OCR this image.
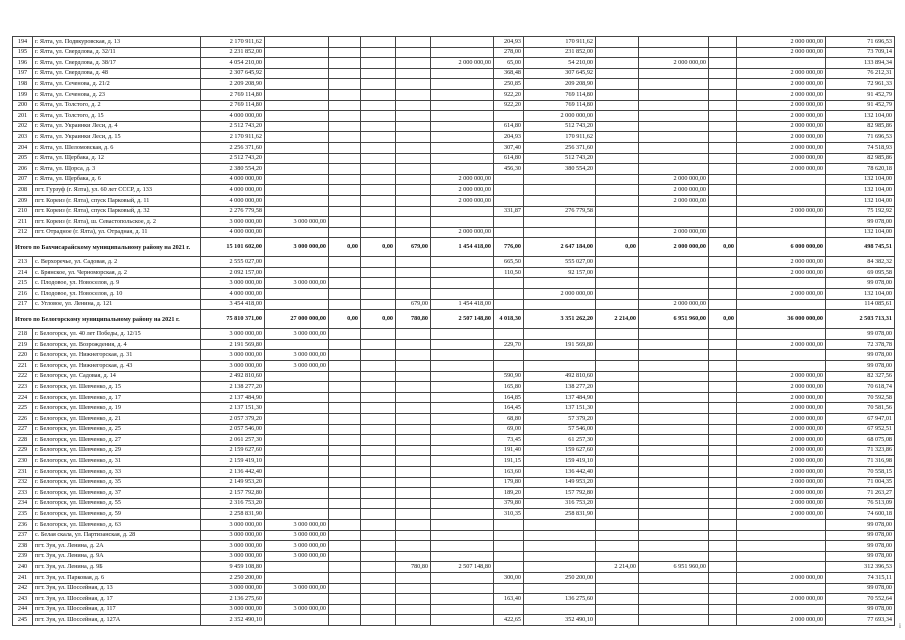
194	г. Ялта, ул. Подвкуровская, д. 13	2 170 911,62						204,93	170 911,62				2 000 000,00	71 696,53
195	г. Ялта, ул. Свердлова, д. 32/11	2 231 852,00						278,00	231 852,00				2 000 000,00	73 709,14
196	г. Ялта, ул. Свердлова, д. 38/17	4 054 210,00					2 000 000,00	65,00	54 210,00		2 000 000,00			133 894,34
197	г. Ялта, ул. Свердлова, д. 48	2 307 645,92						368,48	307 645,92				2 000 000,00	76 212,31
198	г. Ялта, ул. Сеченова, д. 21/2	2 209 208,90						250,85	209 208,90				2 000 000,00	72 961,33
199	г. Ялта, ул. Сеченова, д. 23	2 769 114,80						922,20	769 114,80				2 000 000,00	91 452,79
200	г. Ялта, ул. Толстого, д. 2	2 769 114,80						922,20	769 114,80				2 000 000,00	91 452,79
201	г. Ялта, ул. Толстого, д. 15	4 000 000,00							2 000 000,00				2 000 000,00	132 104,00
202	г. Ялта, ул. Украинки Леси, д. 4	2 512 743,20						614,80	512 743,20				2 000 000,00	82 985,86
203	г. Ялта, ул. Украинки Леси, д. 15	2 170 911,62						204,93	170 911,62				2 000 000,00	71 696,53
204	г. Ялта, ул. Шеломовская, д. 6	2 256 371,60						307,40	256 371,60				2 000 000,00	74 518,93
205	г. Ялта, ул. Щербака, д. 12	2 512 743,20						614,80	512 743,20				2 000 000,00	82 985,86
206	г. Ялта, ул. Щорса, д. 3	2 380 554,20						456,30	380 554,20				2 000 000,00	78 620,18
207	г. Ялта, ул. Щербака, д. 6	4 000 000,00					2 000 000,00				2 000 000,00			132 104,00
208	пгт. Гурзуф (г. Ялта), ул. 60 лет СССР, д. 133	4 000 000,00					2 000 000,00				2 000 000,00			132 104,00
209	пгт. Кореиз (г. Ялта), спуск Парковый, д. 11	4 000 000,00					2 000 000,00				2 000 000,00			132 104,00
210	пгт. Кореиз (г. Ялта), спуск Парковый, д. 32	2 276 779,58						331,87	276 779,58				2 000 000,00	75 192,92
211	пгт. Кореиз (г. Ялта), ш. Севастопольское, д. 2	3 000 000,00	3 000 000,00											99 078,00
212	пгт. Отрадное (г. Ялта), ул. Отрадная, д. 11	4 000 000,00					2 000 000,00				2 000 000,00			132 104,00
Итого по Бахчисарайскому муниципальному району на 2021 г.		15 101 602,00	3 000 000,00	0,00	0,00	679,00	1 454 418,00	776,00	2 647 184,00	0,00	2 000 000,00	0,00	6 000 000,00	498 745,51
213	с. Верхоречье, ул. Садовая, д. 2	2 555 027,00						665,50	555 027,00				2 000 000,00	84 382,32
214	с. Брянское, ул. Черноморская, д. 2	2 092 157,00						110,50	92 157,00				2 000 000,00	69 095,58
215	с. Плодовое, ул. Новоселов, д. 9	3 000 000,00	3 000 000,00											99 078,00
216	с. Плодовое, ул. Новоселов, д. 10	4 000 000,00							2 000 000,00				2 000 000,00	132 104,00
217	с. Угловое, ул. Ленина, д. 121	3 454 418,00				679,00	1 454 418,00				2 000 000,00			114 085,61
Итого по Белогорскому муниципальному району на 2021 г.		75 810 371,00	27 000 000,00	0,00	0,00	780,80	2 507 148,80	4 018,30	3 351 262,20	2 214,00	6 951 960,00	0,00	36 000 000,00	2 503 713,31
218	г. Белогорск, ул. 40 лет Победы, д. 12/15	3 000 000,00	3 000 000,00											99 078,00
219	г. Белогорск, ул. Возрождения, д. 4	2 191 569,80						229,70	191 569,80				2 000 000,00	72 378,78
220	г. Белогорск, ул. Нижнегорская, д. 31	3 000 000,00	3 000 000,00											99 078,00
221	г. Белогорск, ул. Нижнегорская, д. 43	3 000 000,00	3 000 000,00											99 078,00
222	г. Белогорск, ул. Садовая, д. 14	2 492 810,60						590,90	492 810,60				2 000 000,00	82 327,56
223	г. Белогорск, ул. Шевченко, д. 15	2 138 277,20						165,80	138 277,20				2 000 000,00	70 618,74
224	г. Белогорск, ул. Шевченко, д. 17	2 137 484,90						164,85	137 484,90				2 000 000,00	70 592,58
225	г. Белогорск, ул. Шевченко, д. 19	2 137 151,30						164,45	137 151,30				2 000 000,00	70 581,56
226	г. Белогорск, ул. Шевченко, д. 21	2 057 379,20						68,80	57 379,20				2 000 000,00	67 947,01
227	г. Белогорск, ул. Шевченко, д. 25	2 057 546,00						69,00	57 546,00				2 000 000,00	67 952,51
228	г. Белогорск, ул. Шевченко, д. 27	2 061 257,30						73,45	61 257,30				2 000 000,00	68 075,08
229	г. Белогорск, ул. Шевченко, д. 29	2 159 627,60						191,40	159 627,60				2 000 000,00	71 323,86
230	г. Белогорск, ул. Шевченко, д. 31	2 159 419,10						191,15	159 419,10				2 000 000,00	71 316,98
231	г. Белогорск, ул. Шевченко, д. 33	2 136 442,40						163,60	136 442,40				2 000 000,00	70 558,15
232	г. Белогорск, ул. Шевченко, д. 35	2 149 953,20						179,80	149 953,20				2 000 000,00	71 004,35
233	г. Белогорск, ул. Шевченко, д. 37	2 157 792,80						189,20	157 792,80				2 000 000,00	71 263,27
234	г. Белогорск, ул. Шевченко, д. 55	2 316 753,20						379,80	316 753,20				2 000 000,00	76 513,09
235	г. Белогорск, ул. Шевченко, д. 59	2 258 831,90						310,35	258 831,90				2 000 000,00	74 600,18
236	г. Белогорск, ул. Шевченко, д. 63	3 000 000,00	3 000 000,00											99 078,00
237	с. Белая скала, ул. Партизанская, д. 28	3 000 000,00	3 000 000,00											99 078,00
238	пгт. Зуя, ул. Ленина, д. 2А	3 000 000,00	3 000 000,00											99 078,00
239	пгт. Зуя, ул. Ленина, д. 9А	3 000 000,00	3 000 000,00											99 078,00
240	пгт. Зуя, ул. Ленина, д. 9Б	9 459 108,80				780,80	2 507 148,80			2 214,00	6 951 960,00			312 396,53
241	пгт. Зуя, ул. Парковая, д. 6	2 250 200,00						300,00	250 200,00				2 000 000,00	74 315,11
242	пгт. Зуя, ул. Шоссейная, д. 13	3 000 000,00	3 000 000,00											99 078,00
243	пгт. Зуя, ул. Шоссейная, д. 17	2 136 275,60						163,40	136 275,60				2 000 000,00	70 552,64
244	пгт. Зуя, ул. Шоссейная, д. 117	3 000 000,00	3 000 000,00											99 078,00
245	пгт. Зуя, ул. Шоссейная, д. 127А	2 352 490,10						422,65	352 490,10				2 000 000,00	77 693,34
i
